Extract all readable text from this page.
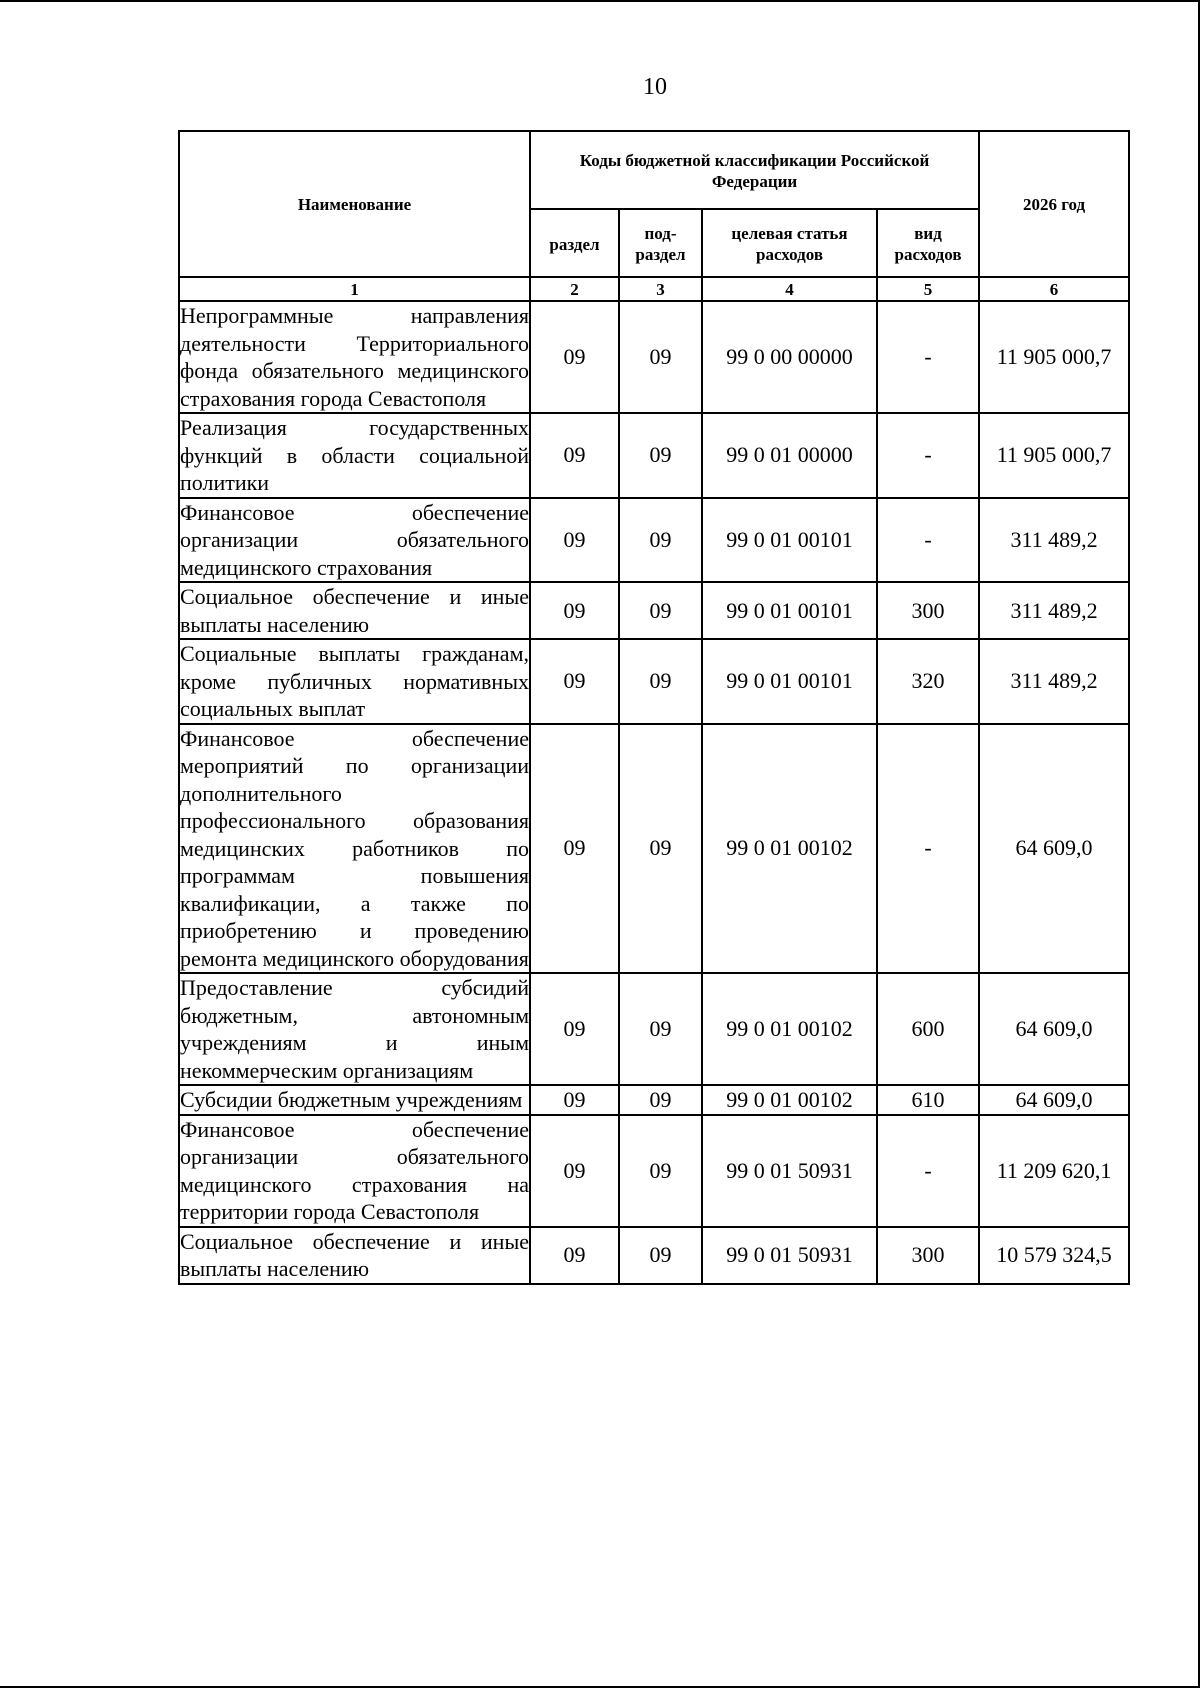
10
Наименование	Коды бюджетной классификации Российской Федерации				2026 год
	раздел	под-раздел	целевая статья расходов	вид расходов	
1	2	3	4	5	6
Непрограммные направления деятельности Территориального фонда обязательного медицинского страхования города Севастополя	09	09	99 0 00 00000	-	11 905 000,7
Реализация государственных функций в области социальной политики	09	09	99 0 01 00000	-	11 905 000,7
Финансовое обеспечение организации обязательного медицинского страхования	09	09	99 0 01 00101	-	311 489,2
Социальное обеспечение и иные выплаты населению	09	09	99 0 01 00101	300	311 489,2
Социальные выплаты гражданам, кроме публичных нормативных социальных выплат	09	09	99 0 01 00101	320	311 489,2
Финансовое обеспечение мероприятий по организации дополнительного профессионального образования медицинских работников по программам повышения квалификации, а также по приобретению и проведению ремонта медицинского оборудования	09	09	99 0 01 00102	-	64 609,0
Предоставление субсидий бюджетным, автономным учреждениям и иным некоммерческим организациям	09	09	99 0 01 00102	600	64 609,0
Субсидии бюджетным учреждениям	09	09	99 0 01 00102	610	64 609,0
Финансовое обеспечение организации обязательного медицинского страхования на территории города Севастополя	09	09	99 0 01 50931	-	11 209 620,1
Социальное обеспечение и иные выплаты населению	09	09	99 0 01 50931	300	10 579 324,5
